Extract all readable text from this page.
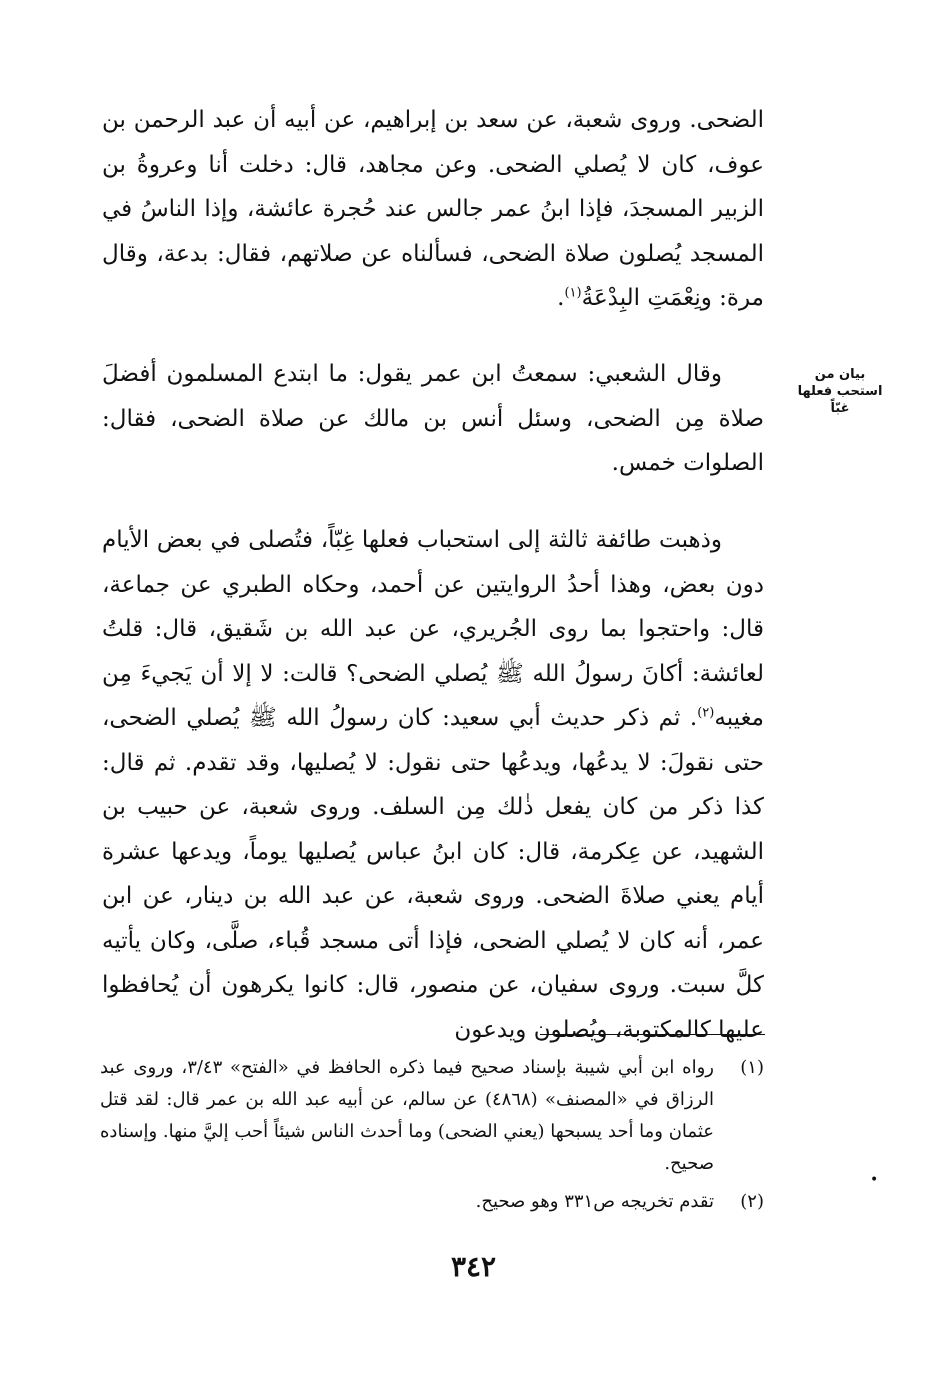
بيان من استحب فعلها غبّاً

الضحى. وروى شعبة، عن سعد بن إبراهيم، عن أبيه أن عبد الرحمن بن عوف، كان لا يُصلي الضحى. وعن مجاهد، قال: دخلت أنا وعروةُ بن الزبير المسجدَ، فإذا ابنُ عمر جالس عند حُجرة عائشة، وإذا الناسُ في المسجد يُصلون صلاة الضحى، فسألناه عن صلاتهم، فقال: بدعة، وقال مرة: ونِعْمَتِ البِدْعَةُ$^{(١)}$.

وقال الشعبي: سمعتُ ابن عمر يقول: ما ابتدع المسلمون أفضلَ صلاة مِن الضحى، وسئل أنس بن مالك عن صلاة الضحى، فقال: الصلوات خمس.

وذهبت طائفة ثالثة إلى استحباب فعلها غِبّاً، فتُصلى في بعض الأيام دون بعض، وهذا أحدُ الروايتين عن أحمد، وحكاه الطبري عن جماعة، قال: واحتجوا بما روى الجُريري، عن عبد الله بن شَقيق، قال: قلتُ لعائشة: أكانَ رسولُ الله ﷺ يُصلي الضحى؟ قالت: لا إلا أن يَجيءَ مِن مغيبه$^{(٢)}$. ثم ذكر حديث أبي سعيد: كان رسولُ الله ﷺ يُصلي الضحى، حتى نقولَ: لا يدعُها، ويدعُها حتى نقول: لا يُصليها، وقد تقدم. ثم قال: كذا ذكر من كان يفعل ذٰلك مِن السلف. وروى شعبة، عن حبيب بن الشهيد، عن عِكرمة، قال: كان ابنُ عباس يُصليها يوماً، ويدعها عشرة أيام يعني صلاةَ الضحى. وروى شعبة، عن عبد الله بن دينار، عن ابن عمر، أنه كان لا يُصلي الضحى، فإذا أتى مسجد قُباء، صلَّى، وكان يأتيه كلَّ سبت. وروى سفيان، عن منصور، قال: كانوا يكرهون أن يُحافظوا عليها كالمكتوبة، ويُصلون ويدعون

(١)
رواه ابن أبي شيبة بإسناد صحيح فيما ذكره الحافظ في «الفتح» ٣/٤٣، وروى عبد الرزاق في «المصنف» (٤٨٦٨) عن سالم، عن أبيه عبد الله بن عمر قال: لقد قتل عثمان وما أحد يسبحها (يعني الضحى) وما أحدث الناس شيئاً أحب إليَّ منها. وإسناده صحيح.

(٢)
تقدم تخريجه ص٣٣١ وهو صحيح.

•
٣٤٢
